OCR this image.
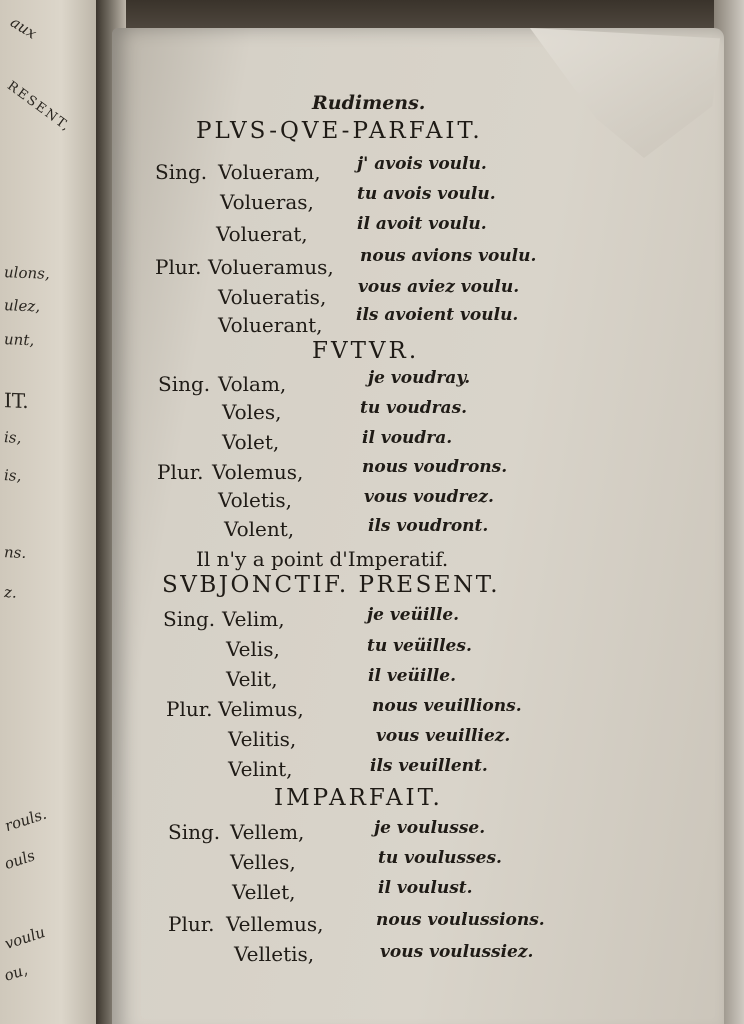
aux
RESENT,
ulons,
ulez,
unt,
IT.
is,
is,
ns.
z.
rouls.
ouls
voulu
ou,
Rudimens.
PLVS-QVE-PARFAIT.
Sing. Volueram, j' avois voulu.
Volueras,	tu avois voulu.
Voluerat,	il avoit voulu.
Plur. Volueramus, nous avions voulu.
Volueratis, vous aviez voulu.
Voluerant, ils avoient voulu.
FVTVR.
Sing. Volam,	je voudray.
Voles,	tu voudras.
Volet,	il voudra.
Plur. Volemus,	nous voudrons.
Voletis,	vous voudrez.
Volent,	ils voudront.
Il n'y a point d'Imperatif.
SVBJONCTIF. PRESENT.
Sing. Velim,	je veüille.
Velis,	tu veüilles.
Velit,	il veüille.
Plur. Velimus,	nous veuillions.
Velitis,	vous veuilliez.
Velint,	ils veuillent.
IMPARFAIT.
Sing. Vellem,	je voulusse.
Velles,	tu voulusses.
Vellet,	il voulust.
Plur. Vellemus,	nous voulussions.
Velletis,	vous voulussiez.
